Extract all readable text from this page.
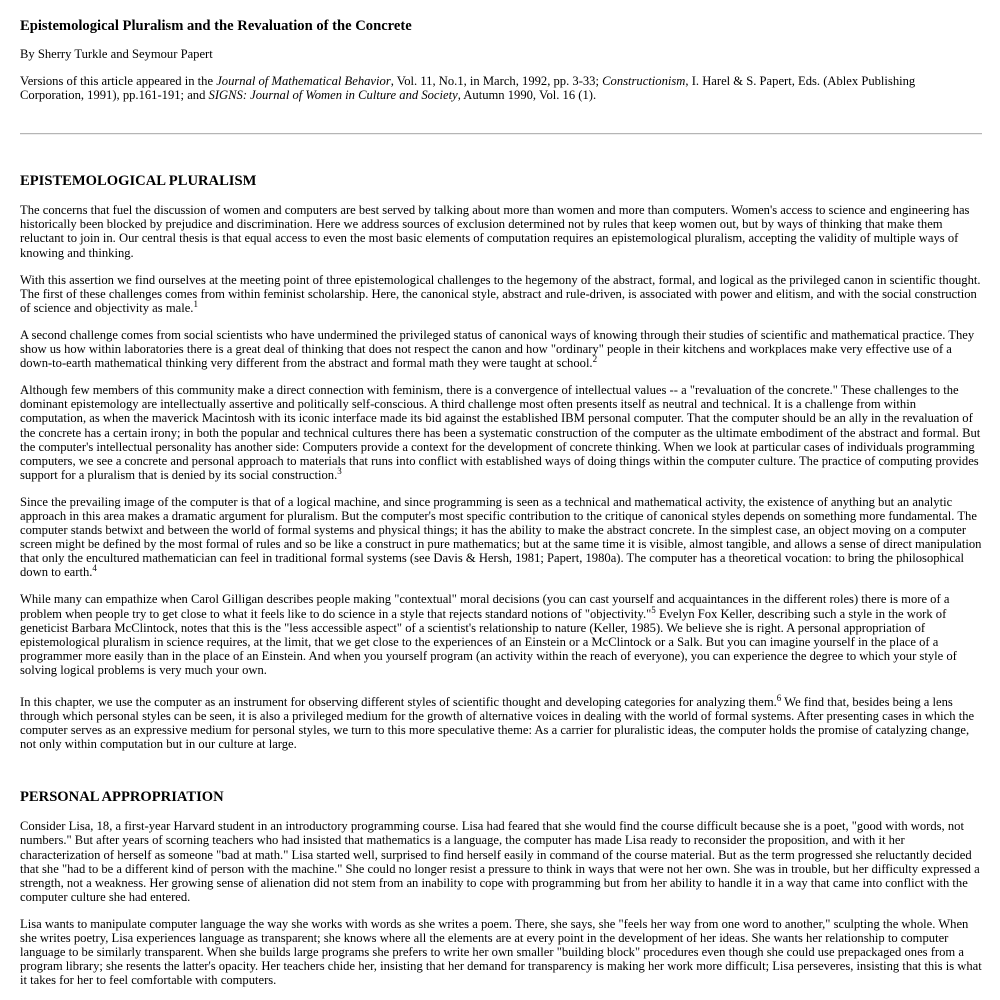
Epistemological Pluralism and the Revaluation of the Concrete

By Sherry Turkle and Seymour Papert

Versions of this article appeared in the Journal of Mathematical Behavior, Vol. 11, No.1, in March, 1992, pp. 3-33; Constructionism, I. Harel & S. Papert, Eds. (Ablex Publishing Corporation, 1991), pp.161-191; and SIGNS: Journal of Women in Culture and Society, Autumn 1990, Vol. 16 (1).

EPISTEMOLOGICAL PLURALISM

The concerns that fuel the discussion of women and computers are best served by talking about more than women and more than computers. Women's access to science and engineering has historically been blocked by prejudice and discrimination. Here we address sources of exclusion determined not by rules that keep women out, but by ways of thinking that make them reluctant to join in. Our central thesis is that equal access to even the most basic elements of computation requires an epistemological pluralism, accepting the validity of multiple ways of knowing and thinking.

With this assertion we find ourselves at the meeting point of three epistemological challenges to the hegemony of the abstract, formal, and logical as the privileged canon in scientific thought. The first of these challenges comes from within feminist scholarship. Here, the canonical style, abstract and rule-driven, is associated with power and elitism, and with the social construction of science and objectivity as male.$^1$

A second challenge comes from social scientists who have undermined the privileged status of canonical ways of knowing through their studies of scientific and mathematical practice. They show us how within laboratories there is a great deal of thinking that does not respect the canon and how "ordinary" people in their kitchens and workplaces make very effective use of a down-to-earth mathematical thinking very different from the abstract and formal math they were taught at school.$^2$

Although few members of this community make a direct connection with feminism, there is a convergence of intellectual values -- a "revaluation of the concrete." These challenges to the dominant epistemology are intellectually assertive and politically self-conscious. A third challenge most often presents itself as neutral and technical. It is a challenge from within computation, as when the maverick Macintosh with its iconic interface made its bid against the established IBM personal computer. That the computer should be an ally in the revaluation of the concrete has a certain irony; in both the popular and technical cultures there has been a systematic construction of the computer as the ultimate embodiment of the abstract and formal. But the computer's intellectual personality has another side: Computers provide a context for the development of concrete thinking. When we look at particular cases of individuals programming computers, we see a concrete and personal approach to materials that runs into conflict with established ways of doing things within the computer culture. The practice of computing provides support for a pluralism that is denied by its social construction.$^3$

Since the prevailing image of the computer is that of a logical machine, and since programming is seen as a technical and mathematical activity, the existence of anything but an analytic approach in this area makes a dramatic argument for pluralism. But the computer's most specific contribution to the critique of canonical styles depends on something more fundamental. The computer stands betwixt and between the world of formal systems and physical things; it has the ability to make the abstract concrete. In the simplest case, an object moving on a computer screen might be defined by the most formal of rules and so be like a construct in pure mathematics; but at the same time it is visible, almost tangible, and allows a sense of direct manipulation that only the encultured mathematician can feel in traditional formal systems (see Davis & Hersh, 1981; Papert, 1980a). The computer has a theoretical vocation: to bring the philosophical down to earth.$^4$

While many can empathize when Carol Gilligan describes people making "contextual" moral decisions (you can cast yourself and acquaintances in the different roles) there is more of a problem when people try to get close to what it feels like to do science in a style that rejects standard notions of "objectivity."$^5$ Evelyn Fox Keller, describing such a style in the work of geneticist Barbara McClintock, notes that this is the "less accessible aspect" of a scientist's relationship to nature (Keller, 1985). We believe she is right. A personal appropriation of epistemological pluralism in science requires, at the limit, that we get close to the experiences of an Einstein or a McClintock or a Salk. But you can imagine yourself in the place of a programmer more easily than in the place of an Einstein. And when you yourself program (an activity within the reach of everyone), you can experience the degree to which your style of solving logical problems is very much your own.

In this chapter, we use the computer as an instrument for observing different styles of scientific thought and developing categories for analyzing them.$^6$ We find that, besides being a lens through which personal styles can be seen, it is also a privileged medium for the growth of alternative voices in dealing with the world of formal systems. After presenting cases in which the computer serves as an expressive medium for personal styles, we turn to this more speculative theme: As a carrier for pluralistic ideas, the computer holds the promise of catalyzing change, not only within computation but in our culture at large.

PERSONAL APPROPRIATION

Consider Lisa, 18, a first-year Harvard student in an introductory programming course. Lisa had feared that she would find the course difficult because she is a poet, "good with words, not numbers." But after years of scorning teachers who had insisted that mathematics is a language, the computer has made Lisa ready to reconsider the proposition, and with it her characterization of herself as someone "bad at math." Lisa started well, surprised to find herself easily in command of the course material. But as the term progressed she reluctantly decided that she "had to be a different kind of person with the machine." She could no longer resist a pressure to think in ways that were not her own. She was in trouble, but her difficulty expressed a strength, not a weakness. Her growing sense of alienation did not stem from an inability to cope with programming but from her ability to handle it in a way that came into conflict with the computer culture she had entered.

Lisa wants to manipulate computer language the way she works with words as she writes a poem. There, she says, she "feels her way from one word to another," sculpting the whole. When she writes poetry, Lisa experiences language as transparent; she knows where all the elements are at every point in the development of her ideas. She wants her relationship to computer language to be similarly transparent. When she builds large programs she prefers to write her own smaller "building block" procedures even though she could use prepackaged ones from a program library; she resents the latter's opacity. Her teachers chide her, insisting that her demand for transparency is making her work more difficult; Lisa perseveres, insisting that this is what it takes for her to feel comfortable with computers.
